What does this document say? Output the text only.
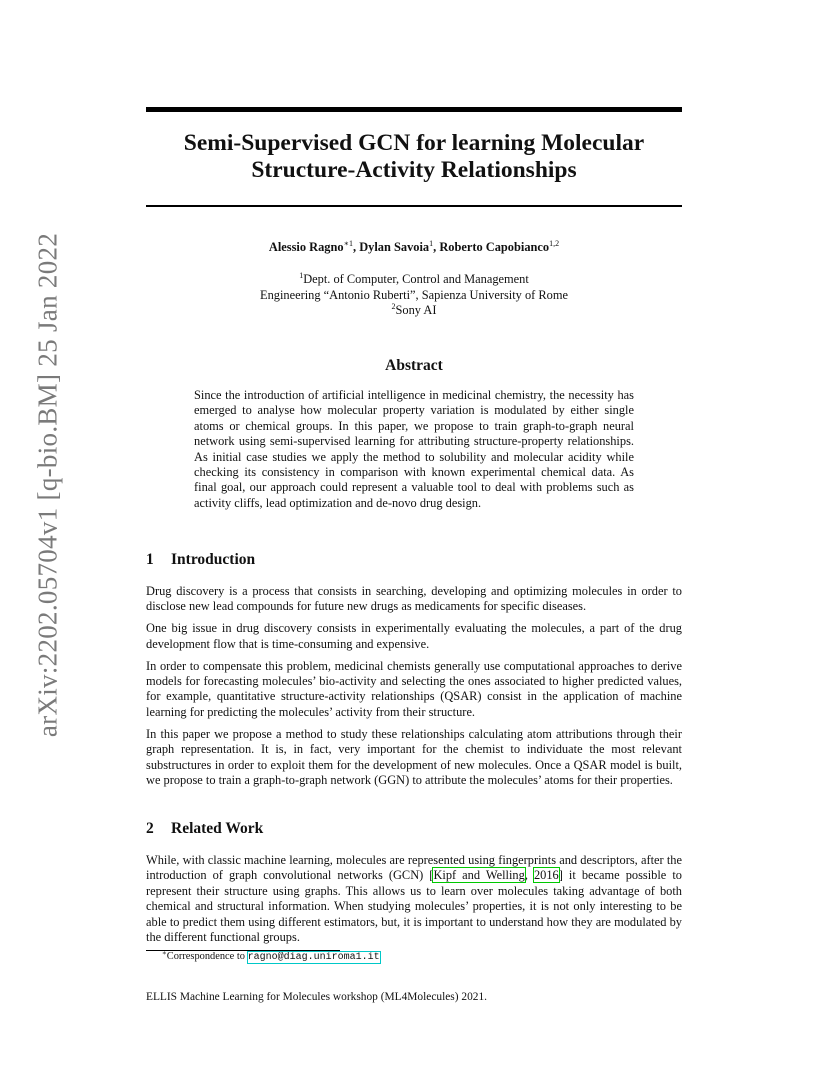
arXiv:2202.05704v1 [q-bio.BM] 25 Jan 2022
Semi-Supervised GCN for learning Molecular
Structure-Activity Relationships
Alessio Ragno$^{∗1}$, Dylan Savoia$^1$, Roberto Capobianco$^{1,2}$
$^1$Dept. of Computer, Control and Management
Engineering “Antonio Ruberti”, Sapienza University of Rome
$^2$Sony AI
Abstract

Since the introduction of artificial intelligence in medicinal chemistry, the necessity has emerged to analyse how molecular property variation is modulated by either single atoms or chemical groups. In this paper, we propose to train graph-to-graph neural network using semi-supervised learning for attributing structure-property relationships. As initial case studies we apply the method to solubility and molecular acidity while checking its consistency in comparison with known experimental chemical data. As final goal, our approach could represent a valuable tool to deal with problems such as activity cliffs, lead optimization and de-novo drug design.

1 Introduction

Drug discovery is a process that consists in searching, developing and optimizing molecules in order to disclose new lead compounds for future new drugs as medicaments for specific diseases.

One big issue in drug discovery consists in experimentally evaluating the molecules, a part of the drug development flow that is time-consuming and expensive.

In order to compensate this problem, medicinal chemists generally use computational approaches to derive models for forecasting molecules’ bio-activity and selecting the ones associated to higher predicted values, for example, quantitative structure-activity relationships (QSAR) consist in the application of machine learning for predicting the molecules’ activity from their structure.

In this paper we propose a method to study these relationships calculating atom attributions through their graph representation. It is, in fact, very important for the chemist to individuate the most relevant substructures in order to exploit them for the development of new molecules. Once a QSAR model is built, we propose to train a graph-to-graph network (GGN) to attribute the molecules’ atoms for their properties.

2 Related Work

While, with classic machine learning, molecules are represented using fingerprints and descriptors, after the introduction of graph convolutional networks (GCN) [Kipf and Welling, 2016] it became possible to represent their structure using graphs. This allows us to learn over molecules taking advantage of both chemical and structural information. When studying molecules’ properties, it is not only interesting to be able to predict them using different estimators, but, it is important to understand how they are modulated by the different functional groups.

∗Correspondence to ragno@diag.uniroma1.it
ELLIS Machine Learning for Molecules workshop (ML4Molecules) 2021.
